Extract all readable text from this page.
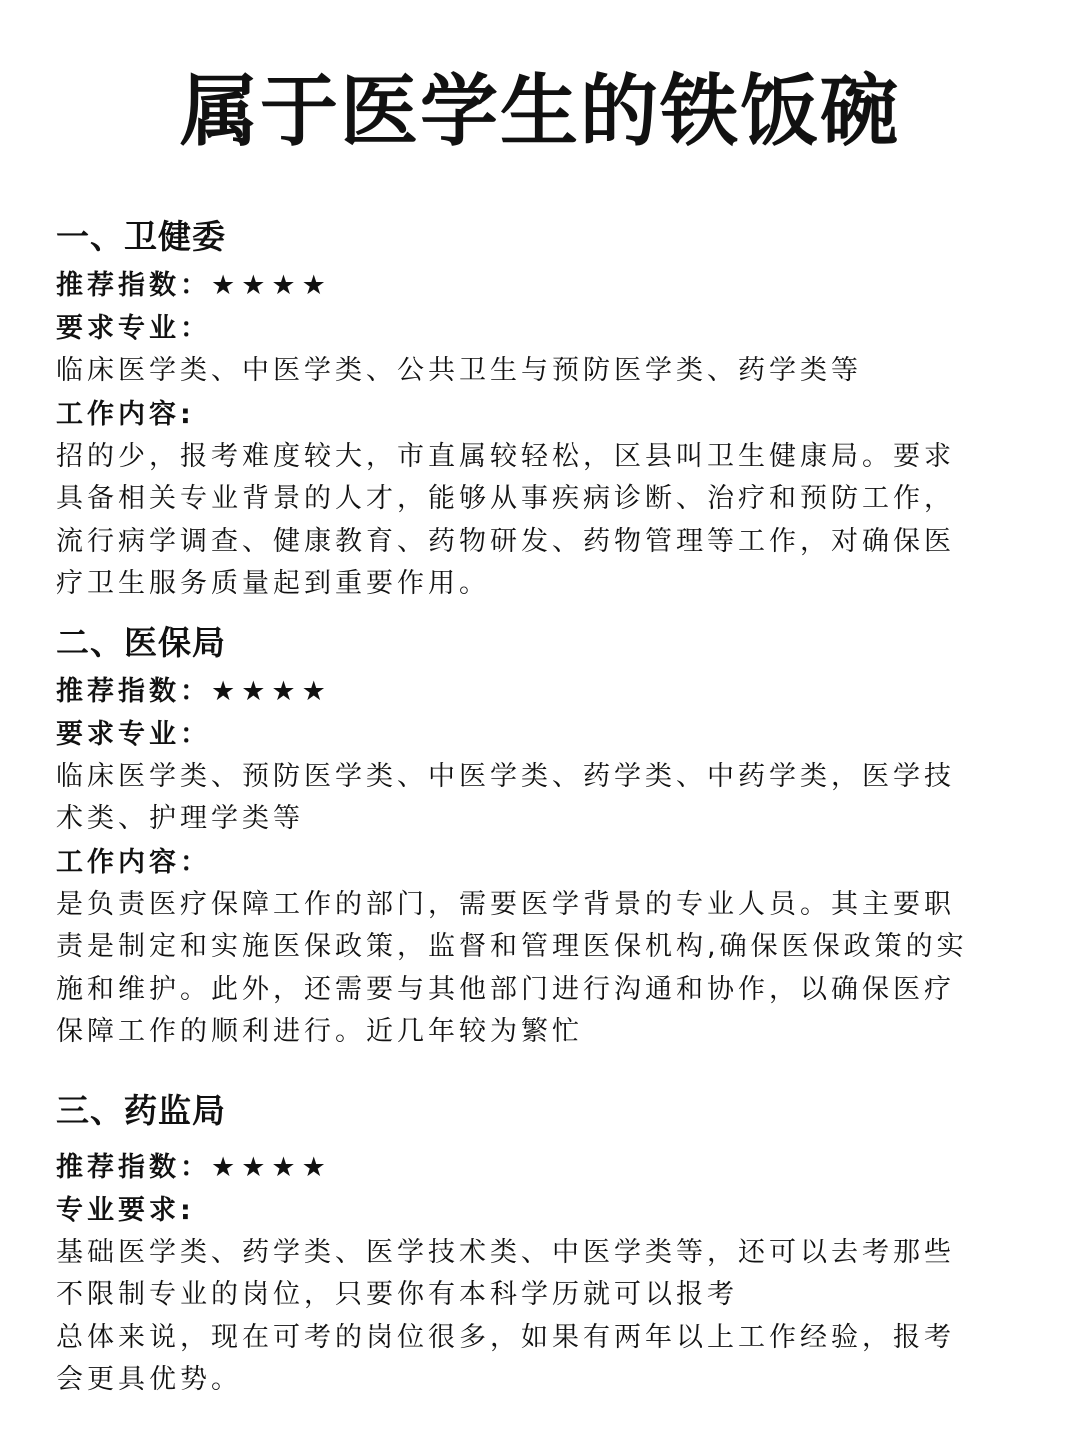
属于医学生的铁饭碗
一、卫健委
推荐指数：★★★★
要求专业：

临床医学类、中医学类、公共卫生与预防医学类、药学类等

工作内容:

招的少，报考难度较大，市直属较轻松，区县叫卫生健康局。要求

具备相关专业背景的人才，能够从事疾病诊断、治疗和预防工作，

流行病学调查、健康教育、药物研发、药物管理等工作，对确保医

疗卫生服务质量起到重要作用。

二、医保局
推荐指数：★★★★
要求专业：

临床医学类、预防医学类、中医学类、药学类、中药学类，医学技

术类、护理学类等

工作内容：

是负责医疗保障工作的部门，需要医学背景的专业人员。其主要职

责是制定和实施医保政策，监督和管理医保机构,确保医保政策的实

施和维护。此外，还需要与其他部门进行沟通和协作，以确保医疗

保障工作的顺利进行。近几年较为繁忙

三、药监局
推荐指数：★★★★
专业要求:

基础医学类、药学类、医学技术类、中医学类等，还可以去考那些

不限制专业的岗位，只要你有本科学历就可以报考

总体来说，现在可考的岗位很多，如果有两年以上工作经验，报考

会更具优势。
